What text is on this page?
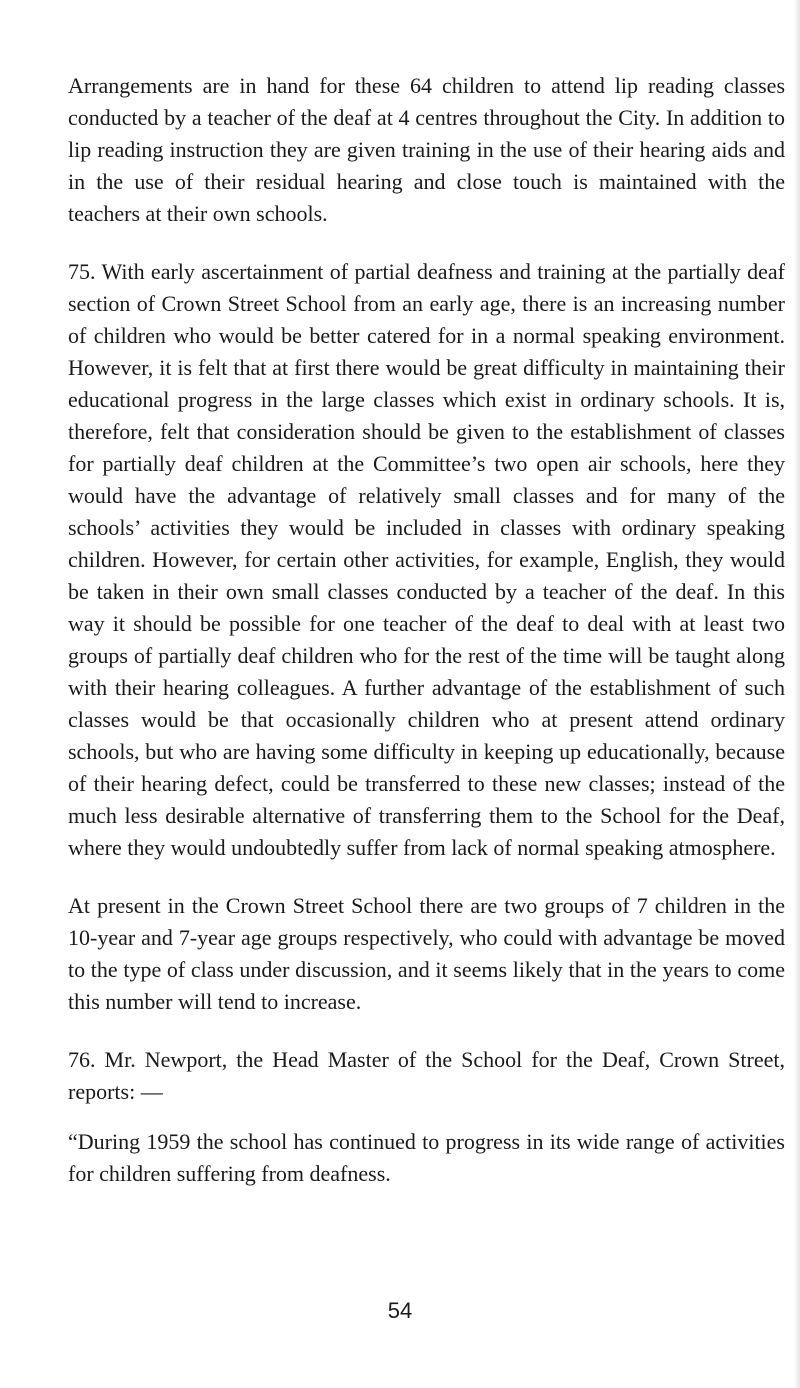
Arrangements are in hand for these 64 children to attend lip reading classes conducted by a teacher of the deaf at 4 centres throughout the City. In addition to lip reading instruction they are given training in the use of their hearing aids and in the use of their residual hearing and close touch is maintained with the teachers at their own schools.

75. With early ascertainment of partial deafness and training at the partially deaf section of Crown Street School from an early age, there is an increasing number of children who would be better catered for in a normal speaking environment. However, it is felt that at first there would be great difficulty in maintaining their educational progress in the large classes which exist in ordinary schools. It is, therefore, felt that consideration should be given to the establishment of classes for partially deaf children at the Committee’s two open air schools, here they would have the advantage of relatively small classes and for many of the schools’ activities they would be included in classes with ordinary speaking children. However, for certain other activities, for example, English, they would be taken in their own small classes conducted by a teacher of the deaf. In this way it should be possible for one teacher of the deaf to deal with at least two groups of partially deaf children who for the rest of the time will be taught along with their hearing colleagues. A further advantage of the establishment of such classes would be that occasionally children who at present attend ordinary schools, but who are having some difficulty in keeping up educationally, because of their hearing defect, could be transferred to these new classes; instead of the much less desirable alternative of transferring them to the School for the Deaf, where they would undoubtedly suffer from lack of normal speaking atmosphere.

At present in the Crown Street School there are two groups of 7 children in the 10-year and 7-year age groups respectively, who could with advantage be moved to the type of class under discussion, and it seems likely that in the years to come this number will tend to increase.

76. Mr. Newport, the Head Master of the School for the Deaf, Crown Street, reports: —

“During 1959 the school has continued to progress in its wide range of activities for children suffering from deafness.

54
